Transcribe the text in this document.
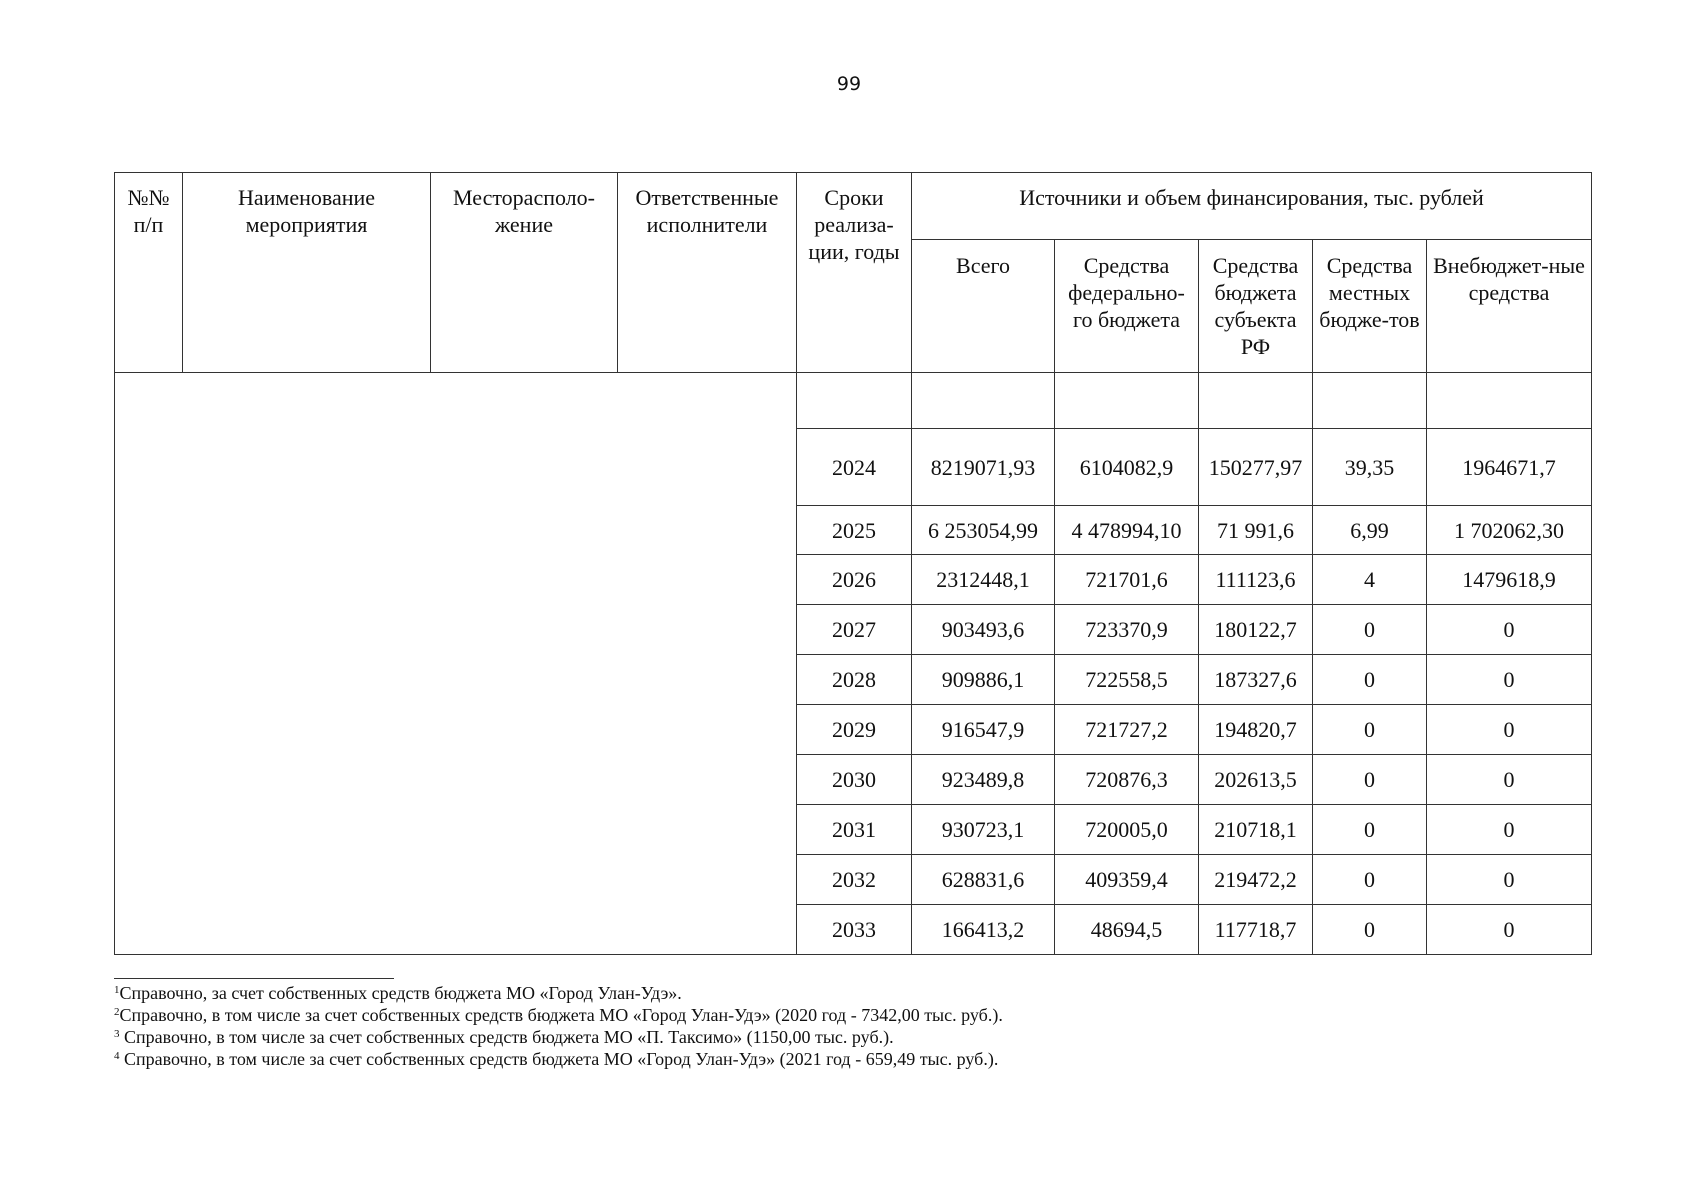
99
№№ п/п	Наименование мероприятия	Месторасполо-жение	Ответственные исполнители	Сроки реализа-ции, годы	Источники и объем финансирования, тыс. рублей				
					Всего	Средства федерально-го бюджета	Средства бюджета субъекта РФ	Средства местных бюдже-тов	Внебюджет-ные средства

				2024	8219071,93	6104082,9	150277,97	39,35	1964671,7
				2025	6 253054,99	4 478994,10	71 991,6	6,99	1 702062,30
				2026	2312448,1	721701,6	111123,6	4	1479618,9
				2027	903493,6	723370,9	180122,7	0	0
				2028	909886,1	722558,5	187327,6	0	0
				2029	916547,9	721727,2	194820,7	0	0
				2030	923489,8	720876,3	202613,5	0	0
				2031	930723,1	720005,0	210718,1	0	0
				2032	628831,6	409359,4	219472,2	0	0
				2033	166413,2	48694,5	117718,7	0	0
$^1$Справочно, за счет собственных средств бюджета МО «Город Улан-Удэ».
$^2$Справочно, в том числе за счет собственных средств бюджета МО «Город Улан-Удэ» (2020 год - 7342,00 тыс. руб.).
$^3$ Справочно, в том числе за счет собственных средств бюджета МО «П. Таксимо» (1150,00 тыс. руб.).
$^4$ Справочно, в том числе за счет собственных средств бюджета МО «Город Улан-Удэ» (2021 год - 659,49 тыс. руб.).
